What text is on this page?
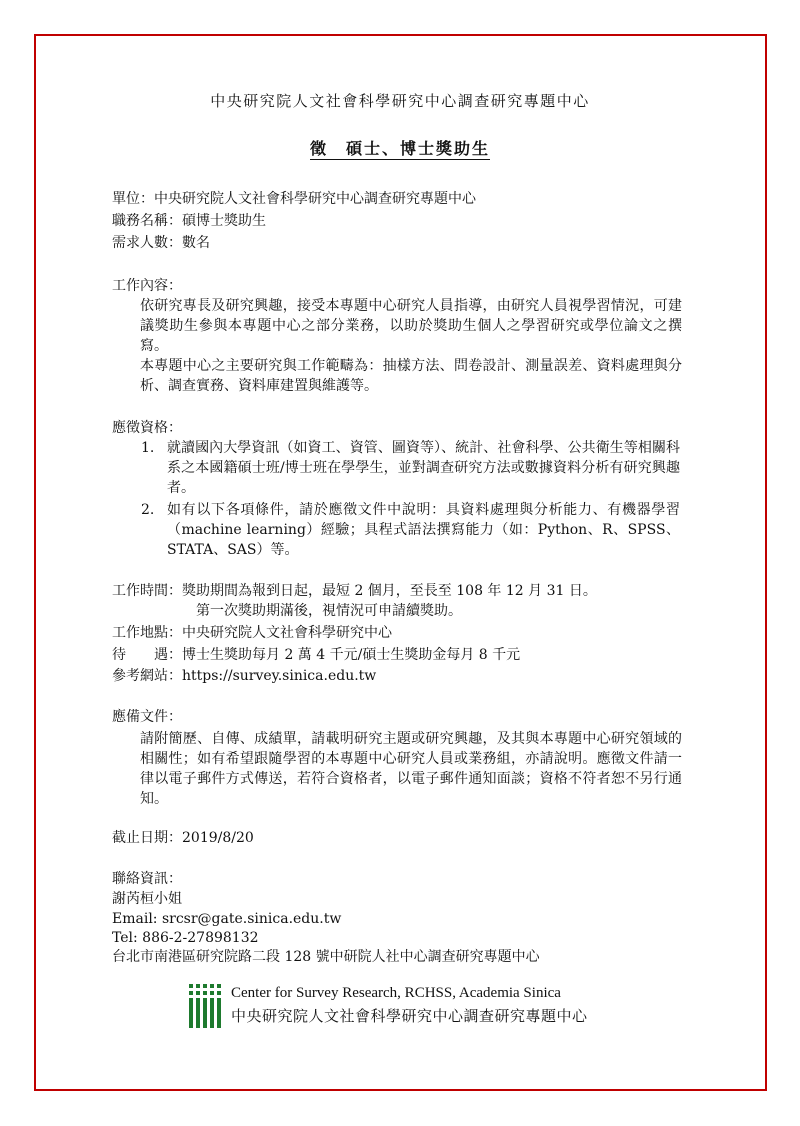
中央研究院人文社會科學研究中心調查研究專題中心
徵　碩士、博士獎助生
單位：中央研究院人文社會科學研究中心調查研究專題中心
職務名稱：碩博士獎助生
需求人數：數名
工作內容：
依研究專長及研究興趣，接受本專題中心研究人員指導，由研究人員視學習情況，可建議獎助生參與本專題中心之部分業務，以助於獎助生個人之學習研究或學位論文之撰寫。
本專題中心之主要研究與工作範疇為：抽樣方法、問卷設計、測量誤差、資料處理與分析、調查實務、資料庫建置與維護等。
應徵資格：
1. 就讀國內大學資訊（如資工、資管、圖資等）、統計、社會科學、公共衛生等相關科系之本國籍碩士班/博士班在學學生，並對調查研究方法或數據資料分析有研究興趣者。
2. 如有以下各項條件，請於應徵文件中說明：具資料處理與分析能力、有機器學習（machine learning）經驗；具程式語法撰寫能力（如：Python、R、SPSS、STATA、SAS）等。
工作時間：獎助期間為報到日起，最短 2 個月，至長至 108 年 12 月 31 日。
第一次獎助期滿後，視情況可申請續獎助。
工作地點：中央研究院人文社會科學研究中心
待　　遇：博士生獎助每月 2 萬 4 千元/碩士生獎助金每月 8 千元
參考網站：https://survey.sinica.edu.tw
應備文件：
請附簡歷、自傳、成績單，請載明研究主題或研究興趣，及其與本專題中心研究領域的相關性；如有希望跟隨學習的本專題中心研究人員或業務組，亦請說明。應徵文件請一律以電子郵件方式傳送，若符合資格者，以電子郵件通知面談；資格不符者恕不另行通知。
截止日期：2019/8/20
聯絡資訊：
謝芮桓小姐
Email: srcsr@gate.sinica.edu.tw
Tel: 886-2-27898132
台北市南港區研究院路二段 128 號中研院人社中心調查研究專題中心
Center for Survey Research, RCHSS, Academia Sinica
中央研究院人文社會科學研究中心調查研究專題中心
